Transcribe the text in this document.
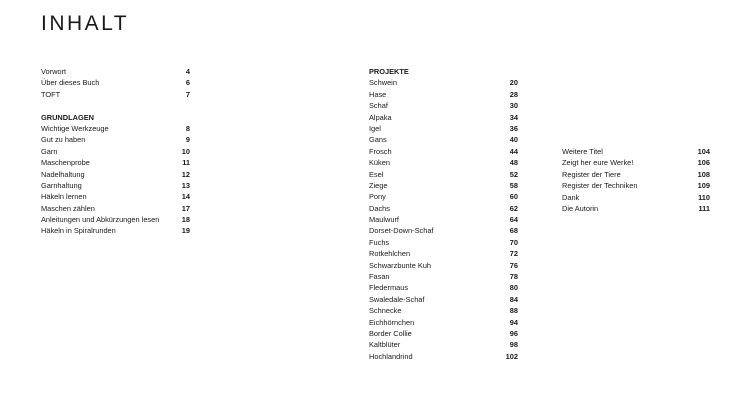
INHALT
Vorwort	4
Über dieses Buch	6
TOFT	7
GRUNDLAGEN
Wichtige Werkzeuge	8
Gut zu haben	9
Garn	10
Maschenprobe	11
Nadelhaltung	12
Garnhaltung	13
Häkeln lernen	14
Maschen zählen	17
Anleitungen und Abkürzungen lesen	18
Häkeln in Spiralrunden	19
PROJEKTE
Schwein	20
Hase	28
Schaf	30
Alpaka	34
Igel	36
Gans	40
Frosch	44
Küken	48
Esel	52
Ziege	58
Pony	60
Dachs	62
Maulwurf	64
Dorset-Down-Schaf	68
Fuchs	70
Rotkehlchen	72
Schwarzbunte Kuh	76
Fasan	78
Fledermaus	80
Swaledale-Schaf	84
Schnecke	88
Eichhörnchen	94
Border Collie	96
Kaltblüter	98
Hochlandrind	102
Weitere Titel	104
Zeigt her eure Werke!	106
Register der Tiere	108
Register der Techniken	109
Dank	110
Die Autorin	111
